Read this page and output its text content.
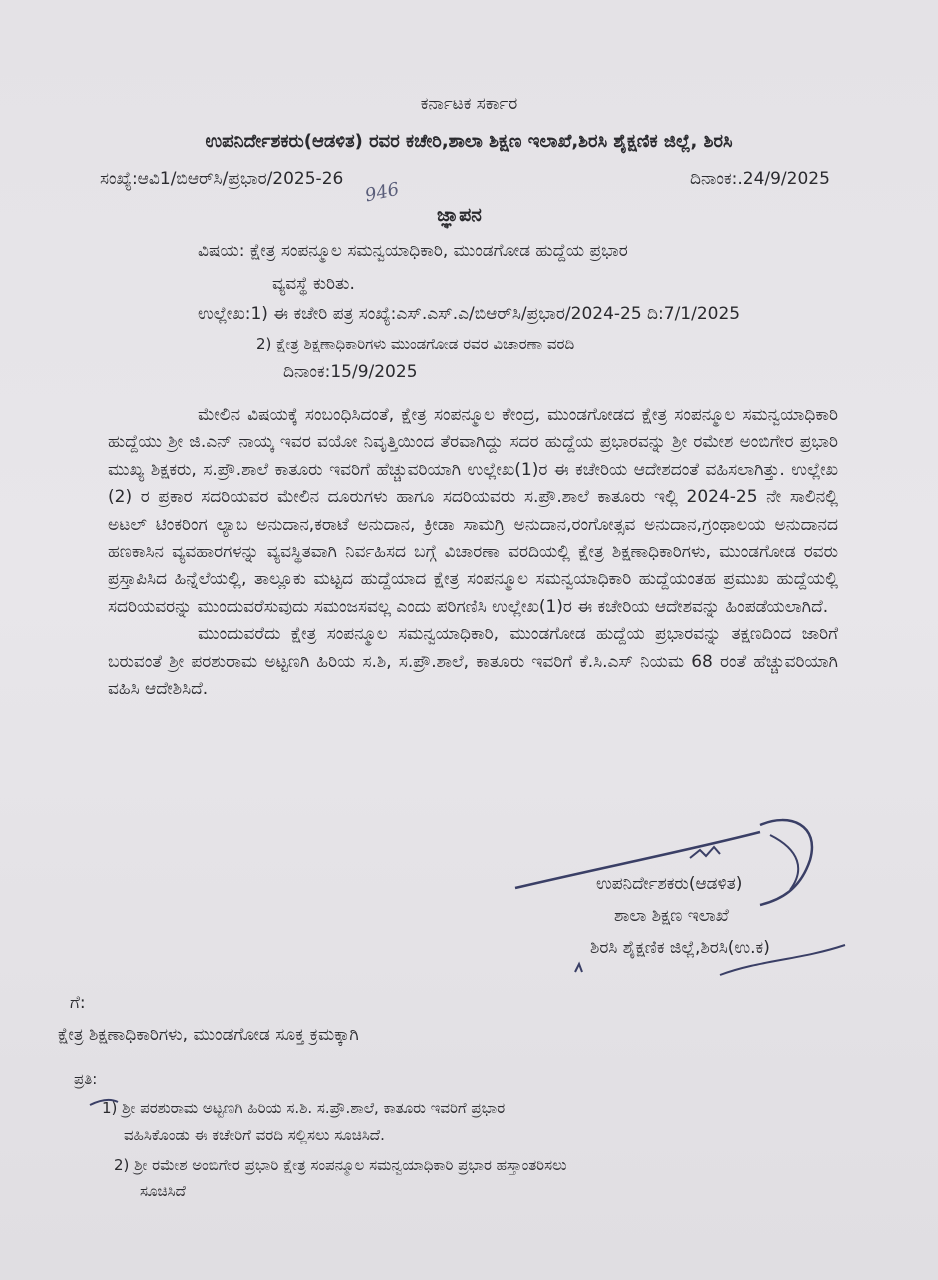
ಕರ್ನಾಟಕ ಸರ್ಕಾರ
ಉಪನಿರ್ದೇಶಕರು(ಆಡಳಿತ) ರವರ ಕಚೇರಿ,ಶಾಲಾ ಶಿಕ್ಷಣ ಇಲಾಖೆ,ಶಿರಸಿ ಶೈಕ್ಷಣಿಕ ಜಿಲ್ಲೆ, ಶಿರಸಿ
ಸಂಖ್ಯೆ:ಆವಿ1/ಬಿಆರ್‌ಸಿ/ಪ್ರಭಾರ/2025-26	ದಿನಾಂಕ:.24/9/2025
946
ಜ್ಞಾಪನ
ವಿಷಯ: ಕ್ಷೇತ್ರ ಸಂಪನ್ಮೂಲ ಸಮನ್ವಯಾಧಿಕಾರಿ, ಮುಂಡಗೋಡ ಹುದ್ದೆಯ ಪ್ರಭಾರ
ವ್ಯವಸ್ಥೆ ಕುರಿತು.
ಉಲ್ಲೇಖ:1) ಈ ಕಚೇರಿ ಪತ್ರ ಸಂಖ್ಯೆ:ಎಸ್.ಎಸ್.ಎ/ಬಿಆರ್‌ಸಿ/ಪ್ರಭಾರ/2024-25 ದಿ:7/1/2025
2) ಕ್ಷೇತ್ರ ಶಿಕ್ಷಣಾಧಿಕಾರಿಗಳು ಮುಂಡಗೋಡ ರವರ ವಿಚಾರಣಾ ವರದಿ
ದಿನಾಂಕ:15/9/2025

ಮೇಲಿನ ವಿಷಯಕ್ಕೆ ಸಂಬಂಧಿಸಿದಂತೆ, ಕ್ಷೇತ್ರ ಸಂಪನ್ಮೂಲ ಕೇಂದ್ರ, ಮುಂಡಗೋಡದ ಕ್ಷೇತ್ರ ಸಂಪನ್ಮೂಲ ಸಮನ್ವಯಾಧಿಕಾರಿ ಹುದ್ದೆಯು ಶ್ರೀ ಜಿ.ಎನ್ ನಾಯ್ಕ ಇವರ ವಯೋ ನಿವೃತ್ತಿಯಿಂದ ತೆರವಾಗಿದ್ದು ಸದರ ಹುದ್ದೆಯ ಪ್ರಭಾರವನ್ನು ಶ್ರೀ ರಮೇಶ ಅಂಬಿಗೇರ ಪ್ರಭಾರಿ ಮುಖ್ಯ ಶಿಕ್ಷಕರು, ಸ.ಪ್ರೌ.ಶಾಲೆ ಕಾತೂರು ಇವರಿಗೆ ಹೆಚ್ಚುವರಿಯಾಗಿ ಉಲ್ಲೇಖ(1)ರ ಈ ಕಚೇರಿಯ ಆದೇಶದಂತೆ ವಹಿಸಲಾಗಿತ್ತು. ಉಲ್ಲೇಖ (2) ರ ಪ್ರಕಾರ ಸದರಿಯವರ ಮೇಲಿನ ದೂರುಗಳು ಹಾಗೂ ಸದರಿಯವರು ಸ.ಪ್ರೌ.ಶಾಲೆ ಕಾತೂರು ಇಲ್ಲಿ 2024-25 ನೇ ಸಾಲಿನಲ್ಲಿ ಅಟಲ್ ಟಿಂಕರಿಂಗ ಲ್ಯಾಬ ಅನುದಾನ,ಕರಾಟೆ ಅನುದಾನ, ಕ್ರೀಡಾ ಸಾಮಗ್ರಿ ಅನುದಾನ,ರಂಗೋತ್ಸವ ಅನುದಾನ,ಗ್ರಂಥಾಲಯ ಅನುದಾನದ ಹಣಕಾಸಿನ ವ್ಯವಹಾರಗಳನ್ನು ವ್ಯವಸ್ಥಿತವಾಗಿ ನಿರ್ವಹಿಸದ ಬಗ್ಗೆ ವಿಚಾರಣಾ ವರದಿಯಲ್ಲಿ ಕ್ಷೇತ್ರ ಶಿಕ್ಷಣಾಧಿಕಾರಿಗಳು, ಮುಂಡಗೋಡ ರವರು ಪ್ರಸ್ತಾಪಿಸಿದ ಹಿನ್ನೆಲೆಯಲ್ಲಿ, ತಾಲ್ಲೂಕು ಮಟ್ಟದ ಹುದ್ದೆಯಾದ ಕ್ಷೇತ್ರ ಸಂಪನ್ಮೂಲ ಸಮನ್ವಯಾಧಿಕಾರಿ ಹುದ್ದೆಯಂತಹ ಪ್ರಮುಖ ಹುದ್ದೆಯಲ್ಲಿ ಸದರಿಯವರನ್ನು ಮುಂದುವರೆಸುವುದು ಸಮಂಜಸವಲ್ಲ ಎಂದು ಪರಿಗಣಿಸಿ ಉಲ್ಲೇಖ(1)ರ ಈ ಕಚೇರಿಯ ಆದೇಶವನ್ನು ಹಿಂಪಡೆಯಲಾಗಿದೆ.

ಮುಂದುವರೆದು ಕ್ಷೇತ್ರ ಸಂಪನ್ಮೂಲ ಸಮನ್ವಯಾಧಿಕಾರಿ, ಮುಂಡಗೋಡ ಹುದ್ದೆಯ ಪ್ರಭಾರವನ್ನು ತಕ್ಷಣದಿಂದ ಜಾರಿಗೆ ಬರುವಂತೆ ಶ್ರೀ ಪರಶುರಾಮ ಅಟ್ಟಣಗಿ ಹಿರಿಯ ಸ.ಶಿ, ಸ.ಪ್ರೌ.ಶಾಲೆ, ಕಾತೂರು ಇವರಿಗೆ ಕೆ.ಸಿ.ಎಸ್ ನಿಯಮ 68 ರಂತೆ ಹೆಚ್ಚುವರಿಯಾಗಿ ವಹಿಸಿ ಆದೇಶಿಸಿದೆ.

ಉಪನಿರ್ದೇಶಕರು(ಆಡಳಿತ)
ಶಾಲಾ ಶಿಕ್ಷಣ ಇಲಾಖೆ
ಶಿರಸಿ ಶೈಕ್ಷಣಿಕ ಜಿಲ್ಲೆ,ಶಿರಸಿ(ಉ.ಕ)
ಗೆ:
ಕ್ಷೇತ್ರ ಶಿಕ್ಷಣಾಧಿಕಾರಿಗಳು, ಮುಂಡಗೋಡ ಸೂಕ್ತ ಕ್ರಮಕ್ಕಾಗಿ
ಪ್ರತಿ:
1) ಶ್ರೀ ಪರಶುರಾಮ ಅಟ್ಟಣಗಿ ಹಿರಿಯ ಸ.ಶಿ. ಸ.ಪ್ರೌ.ಶಾಲೆ, ಕಾತೂರು ಇವರಿಗೆ ಪ್ರಭಾರ
ವಹಿಸಿಕೊಂಡು ಈ ಕಚೇರಿಗೆ ವರದಿ ಸಲ್ಲಿಸಲು ಸೂಚಿಸಿದೆ.
2) ಶ್ರೀ ರಮೇಶ ಅಂಬಿಗೇರ ಪ್ರಭಾರಿ ಕ್ಷೇತ್ರ ಸಂಪನ್ಮೂಲ ಸಮನ್ವಯಾಧಿಕಾರಿ ಪ್ರಭಾರ ಹಸ್ತಾಂತರಿಸಲು
ಸೂಚಿಸಿದೆ
